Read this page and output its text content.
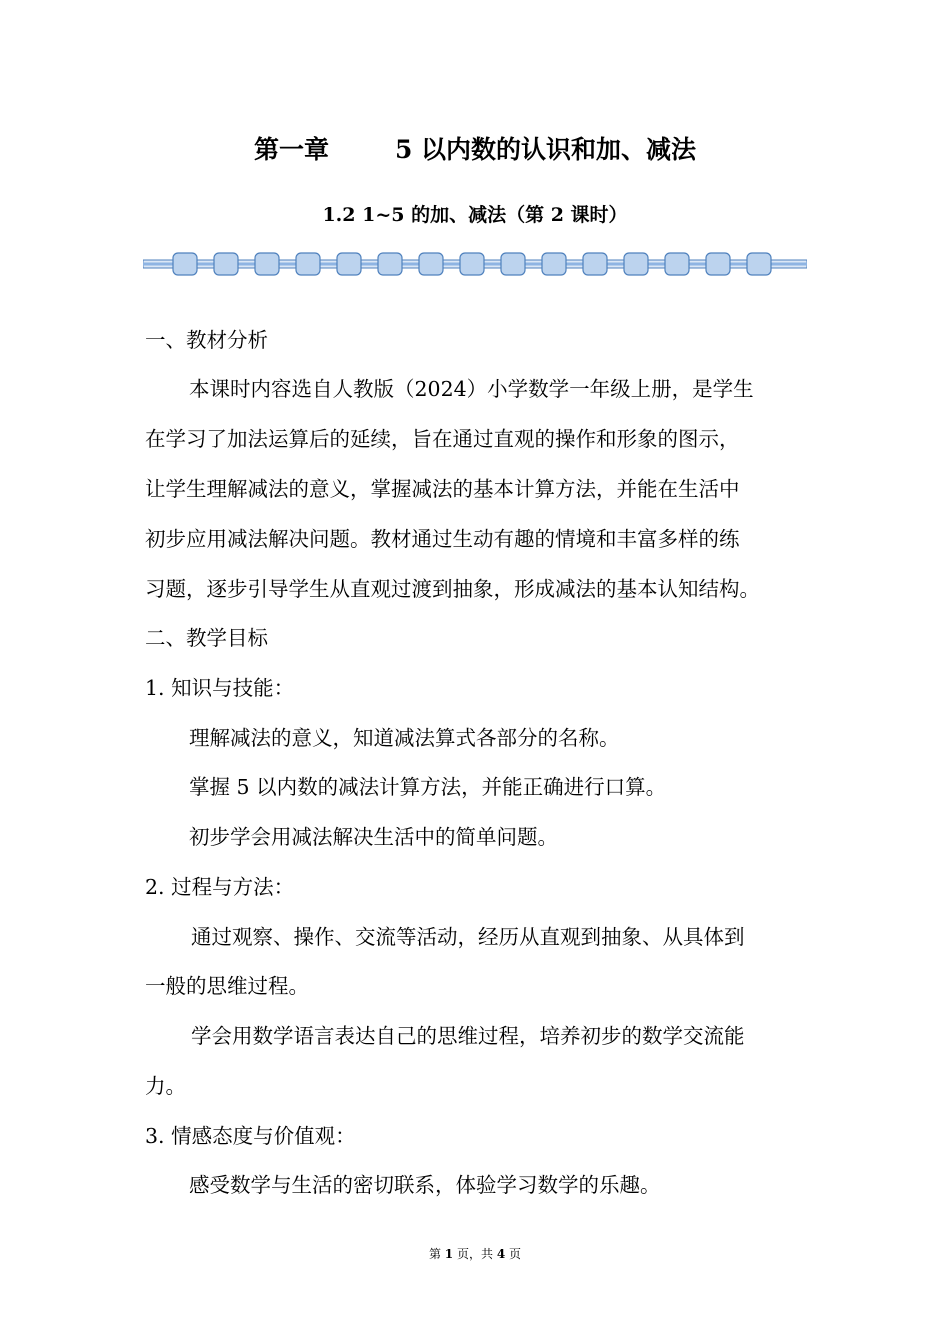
第一章	5 以内数的认识和加、减法
1.2 1~5 的加、减法（第 2 课时）
一、教材分析
本课时内容选自人教版（2024）小学数学一年级上册，是学生
在学习了加法运算后的延续，旨在通过直观的操作和形象的图示，
让学生理解减法的意义，掌握减法的基本计算方法，并能在生活中
初步应用减法解决问题。教材通过生动有趣的情境和丰富多样的练
习题，逐步引导学生从直观过渡到抽象，形成减法的基本认知结构。
二、教学目标
1. 知识与技能：
理解减法的意义，知道减法算式各部分的名称。
掌握 5 以内数的减法计算方法，并能正确进行口算。
初步学会用减法解决生活中的简单问题。
2. 过程与方法：
通过观察、操作、交流等活动，经历从直观到抽象、从具体到
一般的思维过程。
学会用数学语言表达自己的思维过程，培养初步的数学交流能
力。
3. 情感态度与价值观：
感受数学与生活的密切联系，体验学习数学的乐趣。
第 1 页，共 4 页
